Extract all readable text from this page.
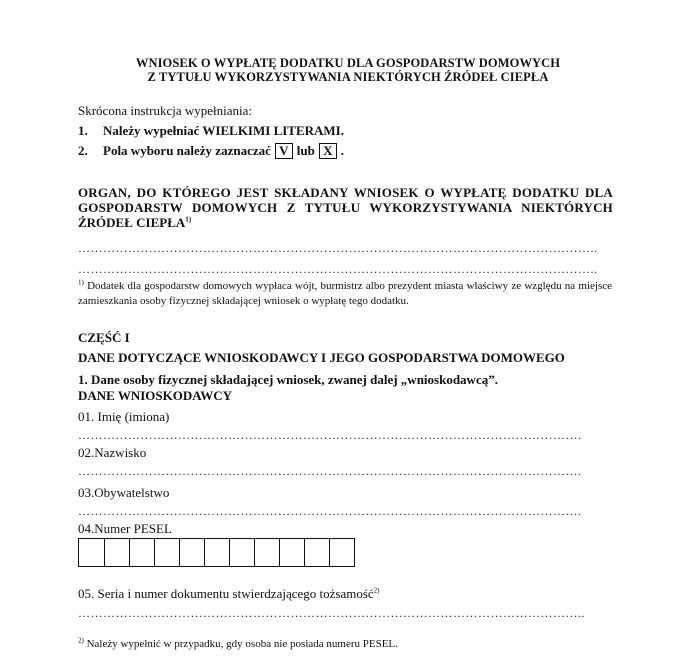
WNIOSEK O WYPŁATĘ DODATKU DLA GOSPODARSTW DOMOWYCH
Z TYTUŁU WYKORZYSTYWANIA NIEKTÓRYCH ŹRÓDEŁ CIEPŁA
Skrócona instrukcja wypełniania:
1. Należy wypełniać WIELKIMI LITERAMI.
2. Pola wyboru należy zaznaczać V lub X .
ORGAN, DO KTÓREGO JEST SKŁADANY WNIOSEK O WYPŁATĘ DODATKU DLA
GOSPODARSTW DOMOWYCH Z TYTUŁU WYKORZYSTYWANIA NIEKTÓRYCH
ŹRÓDEŁ CIEPŁA$^{1)}$
……………………………………………………………………………………………………………..
……………………………………………………………………………………………………………..
$^{1)}$ Dodatek dla gospodarstw domowych wypłaca wójt, burmistrz albo prezydent miasta właściwy ze względu na miejsce zamieszkania osoby fizycznej składającej wniosek o wypłatę tego dodatku.
CZĘŚĆ I
DANE DOTYCZĄCE WNIOSKODAWCY I JEGO GOSPODARSTWA DOMOWEGO
1. Dane osoby fizycznej składającej wniosek, zwanej dalej „wnioskodawcą”.
DANE WNIOSKODAWCY
01. Imię (imiona)
………………………………………………………………………………………………………….
02.Nazwisko
………………………………………………………………………………………………………….
03.Obywatelstwo
………………………………………………………………………………………………………….
04.Numer PESEL
05. Seria i numer dokumentu stwierdzającego tożsamość$^{2)}$
…………………………………………………………………………………………………………..
$^{2)}$ Należy wypełnić w przypadku, gdy osoba nie posiada numeru PESEL.
